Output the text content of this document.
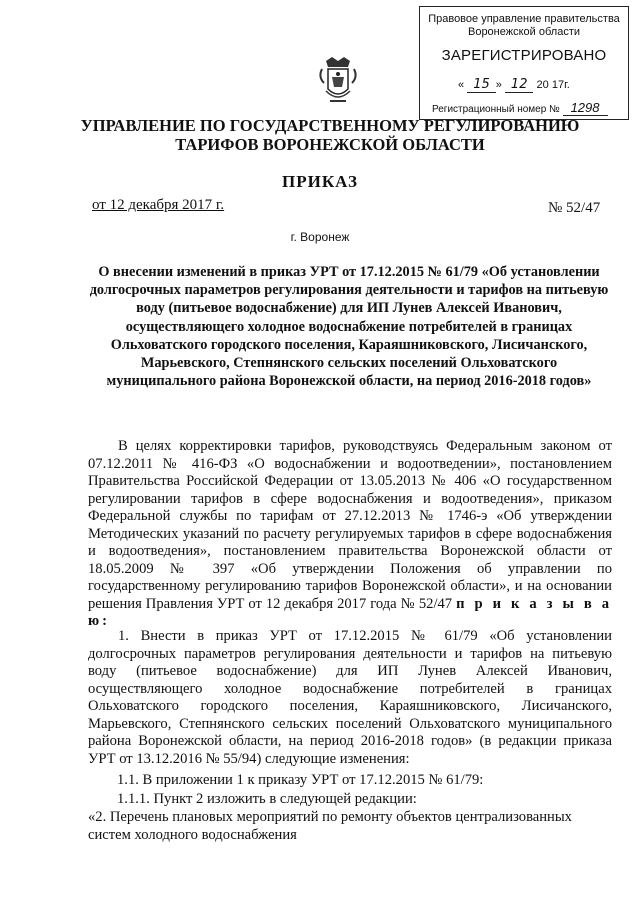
Правовое управление правительства
Воронежской области
ЗАРЕГИСТРИРОВАНО
« 15 » 12 20 17г.
Регистрационный номер № 1298
УПРАВЛЕНИЕ ПО ГОСУДАРСТВЕННОМУ РЕГУЛИРОВАНИЮ ТАРИФОВ ВОРОНЕЖСКОЙ ОБЛАСТИ
ПРИКАЗ
от 12 декабря 2017 г.	№ 52/47
г. Воронеж
О внесении изменений в приказ УРТ от 17.12.2015 № 61/79 «Об установлении долгосрочных параметров регулирования деятельности и тарифов на питьевую воду (питьевое водоснабжение) для ИП Лунев Алексей Иванович, осуществляющего холодное водоснабжение потребителей в границах Ольховатского городского поселения, Караяшниковского, Лисичанского, Марьевского, Степнянского сельских поселений Ольховатского муниципального района Воронежской области, на период 2016-2018 годов»
В целях корректировки тарифов, руководствуясь Федеральным законом от 07.12.2011 № 416-ФЗ «О водоснабжении и водоотведении», постановлением Правительства Российской Федерации от 13.05.2013 № 406 «О государственном регулировании тарифов в сфере водоснабжения и водоотведения», приказом Федеральной службы по тарифам от 27.12.2013 № 1746-э «Об утверждении Методических указаний по расчету регулируемых тарифов в сфере водоснабжения и водоотведения», постановлением правительства Воронежской области от 18.05.2009 № 397 «Об утверждении Положения об управлении по государственному регулированию тарифов Воронежской области», и на основании решения Правления УРТ от 12 декабря 2017 года № 52/47 п р и к а з ы в а ю:
1. Внести в приказ УРТ от 17.12.2015 № 61/79 «Об установлении долгосрочных параметров регулирования деятельности и тарифов на питьевую воду (питьевое водоснабжение) для ИП Лунев Алексей Иванович, осуществляющего холодное водоснабжение потребителей в границах Ольховатского городского поселения, Караяшниковского, Лисичанского, Марьевского, Степнянского сельских поселений Ольховатского муниципального района Воронежской области, на период 2016-2018 годов» (в редакции приказа УРТ от 13.12.2016 № 55/94) следующие изменения:
1.1. В приложении 1 к приказу УРТ от 17.12.2015 № 61/79:
1.1.1. Пункт 2 изложить в следующей редакции:
«2. Перечень плановых мероприятий по ремонту объектов централизованных
систем холодного водоснабжения
